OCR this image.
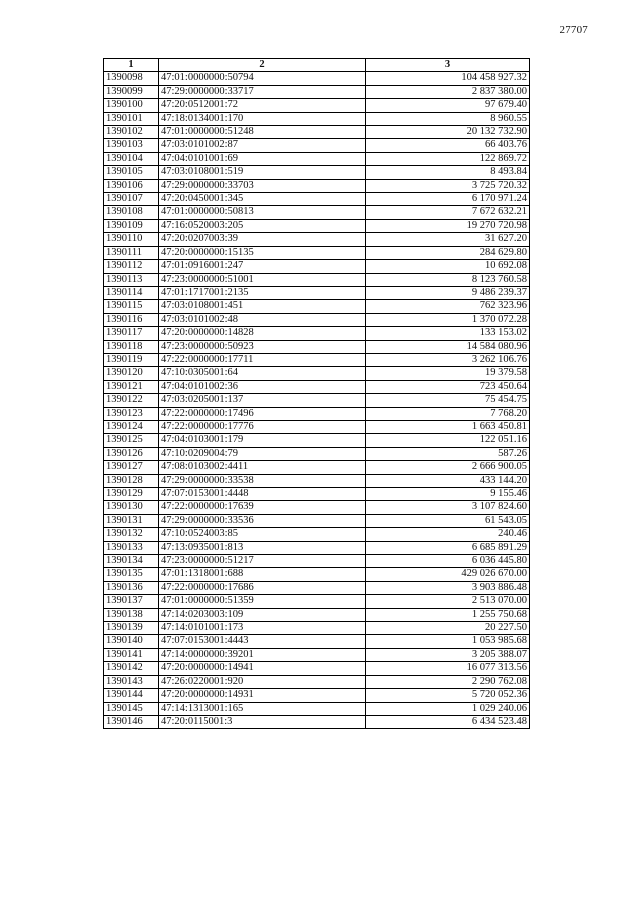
27707
1	2	3
1390098	47:01:0000000:50794	104 458 927.32
1390099	47:29:0000000:33717	2 837 380.00
1390100	47:20:0512001:72	97 679.40
1390101	47:18:0134001:170	8 960.55
1390102	47:01:0000000:51248	20 132 732.90
1390103	47:03:0101002:87	66 403.76
1390104	47:04:0101001:69	122 869.72
1390105	47:03:0108001:519	8 493.84
1390106	47:29:0000000:33703	3 725 720.32
1390107	47:20:0450001:345	6 170 971.24
1390108	47:01:0000000:50813	7 672 632.21
1390109	47:16:0520003:205	19 270 720.98
1390110	47:20:0207003:39	31 627.20
1390111	47:20:0000000:15135	284 629.80
1390112	47:01:0916001:247	10 692.08
1390113	47:23:0000000:51001	8 123 760.58
1390114	47:01:1717001:2135	9 486 239.37
1390115	47:03:0108001:451	762 323.96
1390116	47:03:0101002:48	1 370 072.28
1390117	47:20:0000000:14828	133 153.02
1390118	47:23:0000000:50923	14 584 080.96
1390119	47:22:0000000:17711	3 262 106.76
1390120	47:10:0305001:64	19 379.58
1390121	47:04:0101002:36	723 450.64
1390122	47:03:0205001:137	75 454.75
1390123	47:22:0000000:17496	7 768.20
1390124	47:22:0000000:17776	1 663 450.81
1390125	47:04:0103001:179	122 051.16
1390126	47:10:0209004:79	587.26
1390127	47:08:0103002:4411	2 666 900.05
1390128	47:29:0000000:33538	433 144.20
1390129	47:07:0153001:4448	9 155.46
1390130	47:22:0000000:17639	3 107 824.60
1390131	47:29:0000000:33536	61 543.05
1390132	47:10:0524003:85	240.46
1390133	47:13:0935001:813	6 685 891.29
1390134	47:23:0000000:51217	6 036 445.80
1390135	47:01:1318001:688	429 026 670.00
1390136	47:22:0000000:17686	3 903 886.48
1390137	47:01:0000000:51359	2 513 070.00
1390138	47:14:0203003:109	1 255 750.68
1390139	47:14:0101001:173	20 227.50
1390140	47:07:0153001:4443	1 053 985.68
1390141	47:14:0000000:39201	3 205 388.07
1390142	47:20:0000000:14941	16 077 313.56
1390143	47:26:0220001:920	2 290 762.08
1390144	47:20:0000000:14931	5 720 052.36
1390145	47:14:1313001:165	1 029 240.06
1390146	47:20:0115001:3	6 434 523.48
